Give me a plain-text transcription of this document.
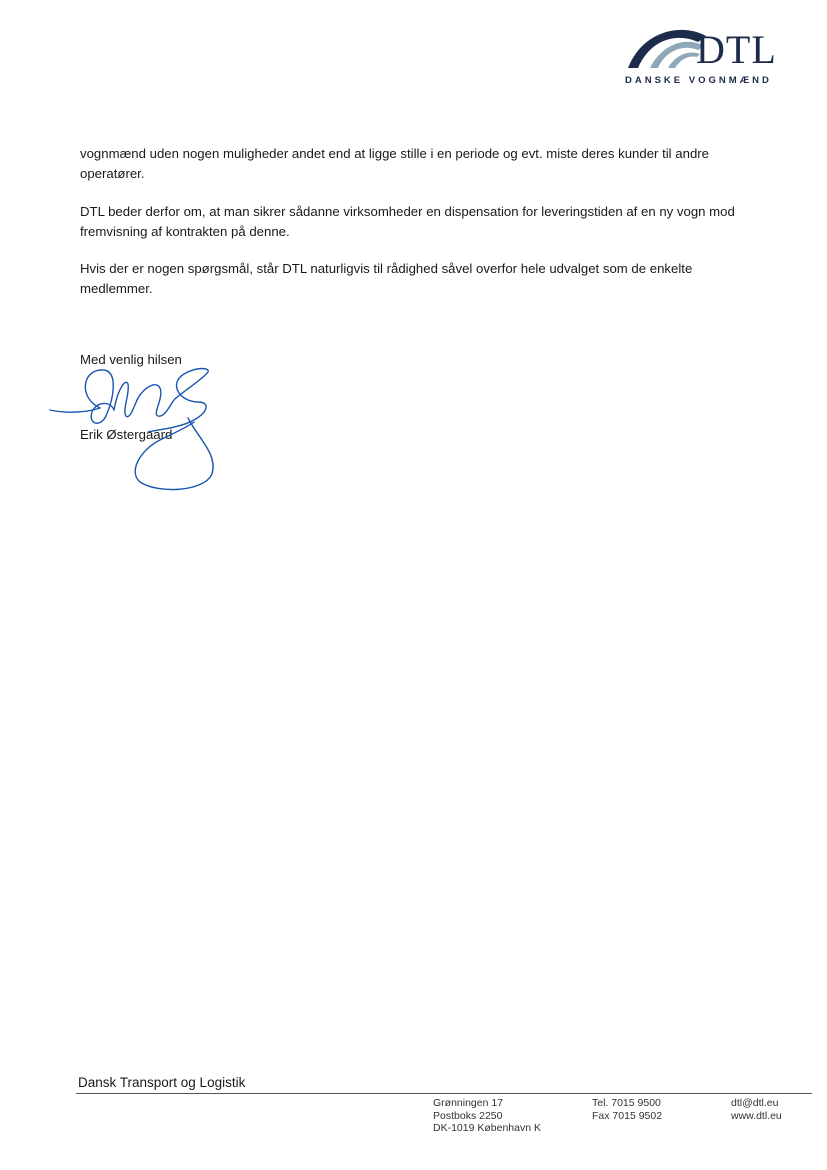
DTL
DANSKE VOGNMÆND

vognmænd uden nogen muligheder andet end at ligge stille i en periode og evt. miste deres kunder til andre operatører.

DTL beder derfor om, at man sikrer sådanne virksomheder en dispensation for leveringstiden af en ny vogn mod fremvisning af kontrakten på denne.

Hvis der er nogen spørgsmål, står DTL naturligvis til rådighed såvel overfor hele udvalget som de enkelte medlemmer.

Med venlig hilsen
Erik Østergaard
Dansk Transport og Logistik
Grønningen 17
Postboks 2250
DK-1019 København K
Tel. 7015 9500
Fax 7015 9502
dtl@dtl.eu
www.dtl.eu
